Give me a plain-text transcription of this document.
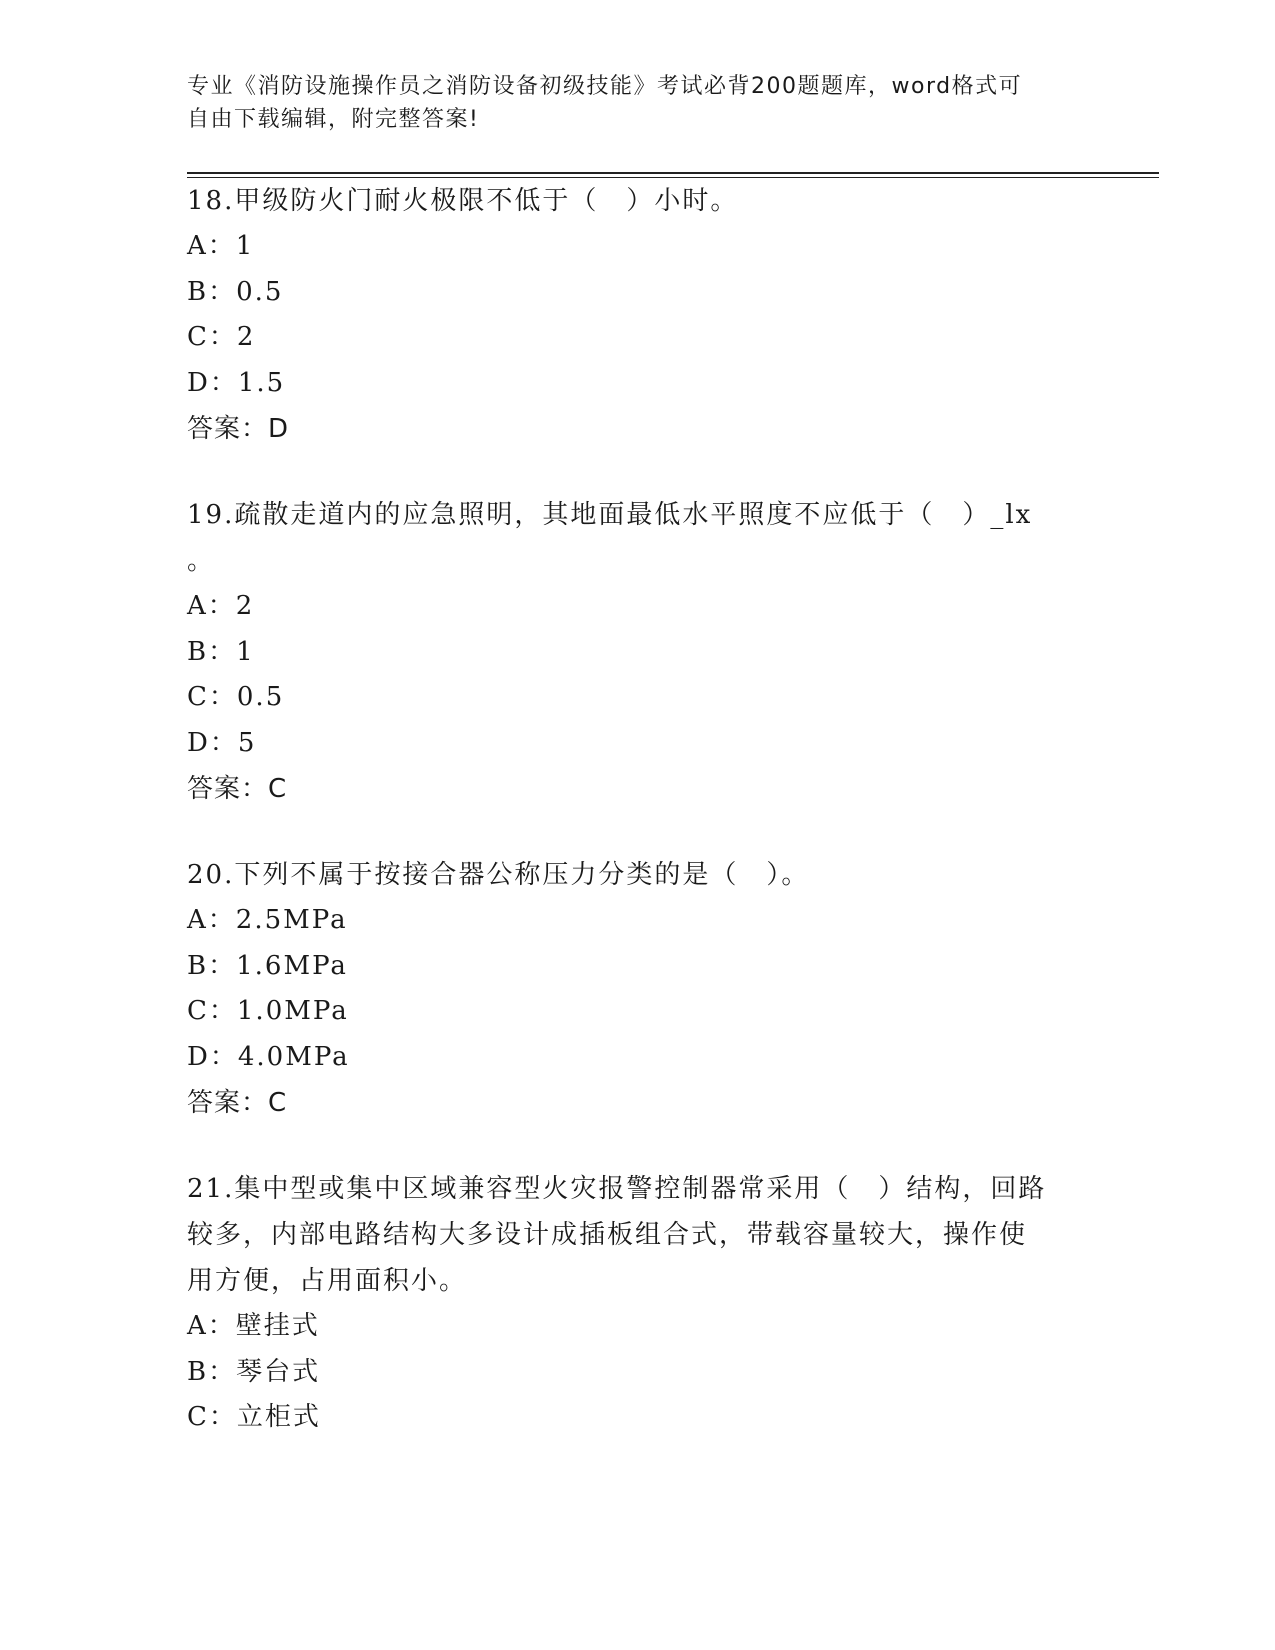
专业《消防设施操作员之消防设备初级技能》考试必背200题题库，word格式可

自由下载编辑，附完整答案!

18.甲级防火门耐火极限不低于（　）小时。

A：1

B：0.5

C：2

D：1.5

答案：D

19.疏散走道内的应急照明，其地面最低水平照度不应低于（　）_lx

。

A：2

B：1

C：0.5

D：5

答案：C

20.下列不属于按接合器公称压力分类的是（　）。

A：2.5MPa

B：1.6MPa

C：1.0MPa

D：4.0MPa

答案：C

21.集中型或集中区域兼容型火灾报警控制器常采用（　）结构，回路

较多，内部电路结构大多设计成插板组合式，带载容量较大，操作使

用方便，占用面积小。

A：壁挂式

B：琴台式

C：立柜式
